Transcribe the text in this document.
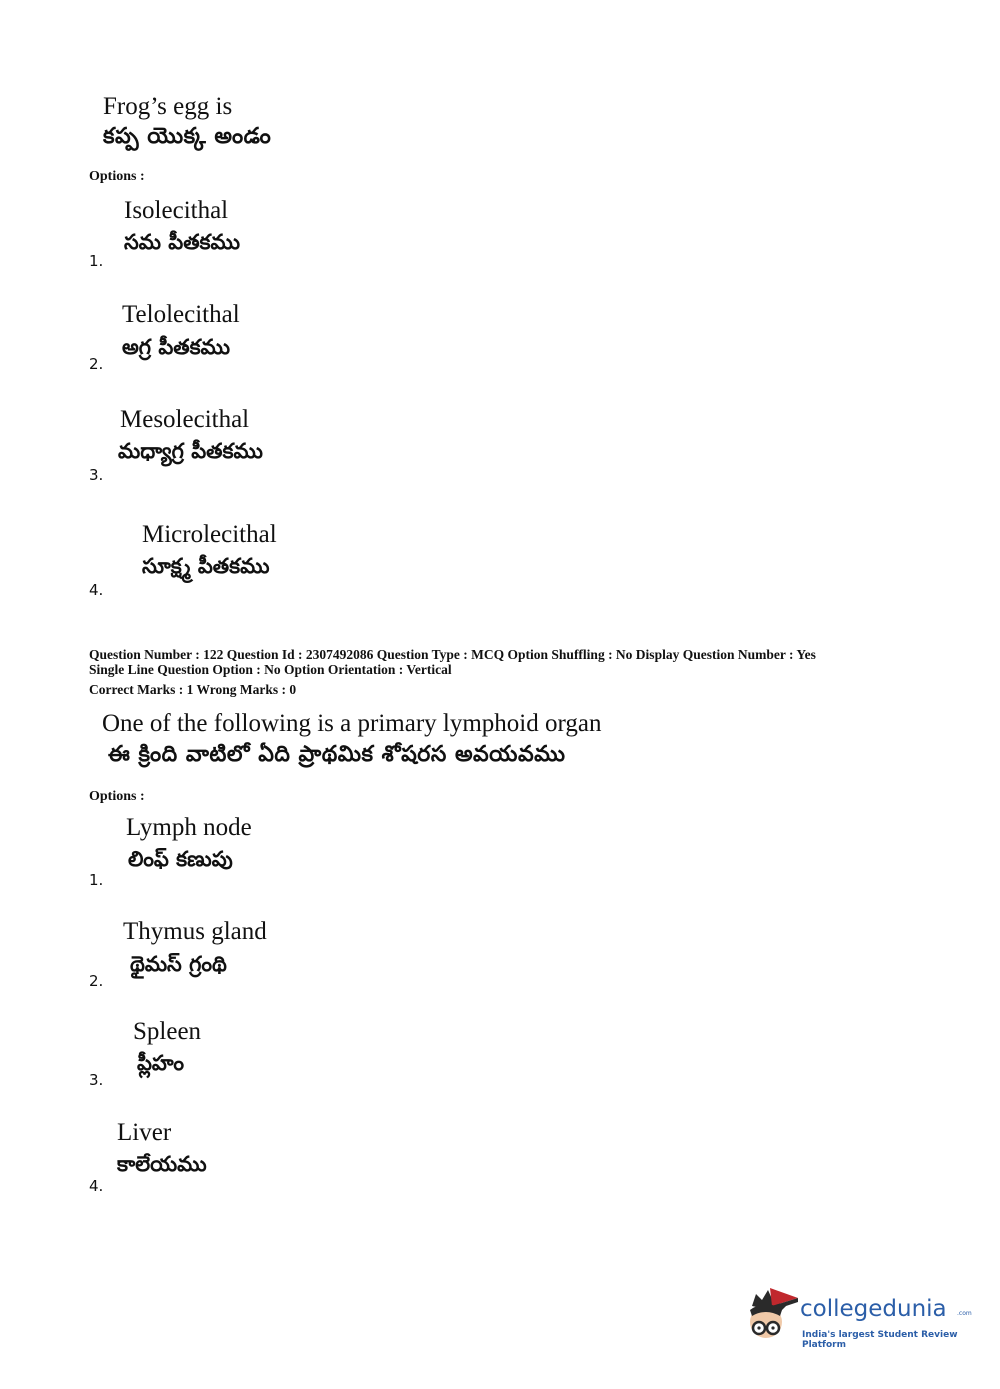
Frog’s egg is
కప్ప యొక్క అండం
Options :
Isolecithal
సమ పీతకము
1.
Telolecithal
అగ్ర పీతకము
2.
Mesolecithal
మధ్యాగ్ర పీతకము
3.
Microlecithal
సూక్ష్మ పీతకము
4.
Question Number : 122 Question Id : 2307492086 Question Type : MCQ Option Shuffling : No Display Question Number : Yes
Single Line Question Option : No Option Orientation : Vertical
Correct Marks : 1 Wrong Marks : 0
One of the following is a primary lymphoid organ
ఈ క్రింది వాటిలో ఏది ప్రాథమిక శోషరస అవయవము
Options :
Lymph node
లింఫ్ కణుపు
1.
Thymus gland
థైమస్ గ్రంథి
2.
Spleen
ప్లీహం
3.
Liver
కాలేయము
4.
collegedunia .com
India's largest Student Review Platform
